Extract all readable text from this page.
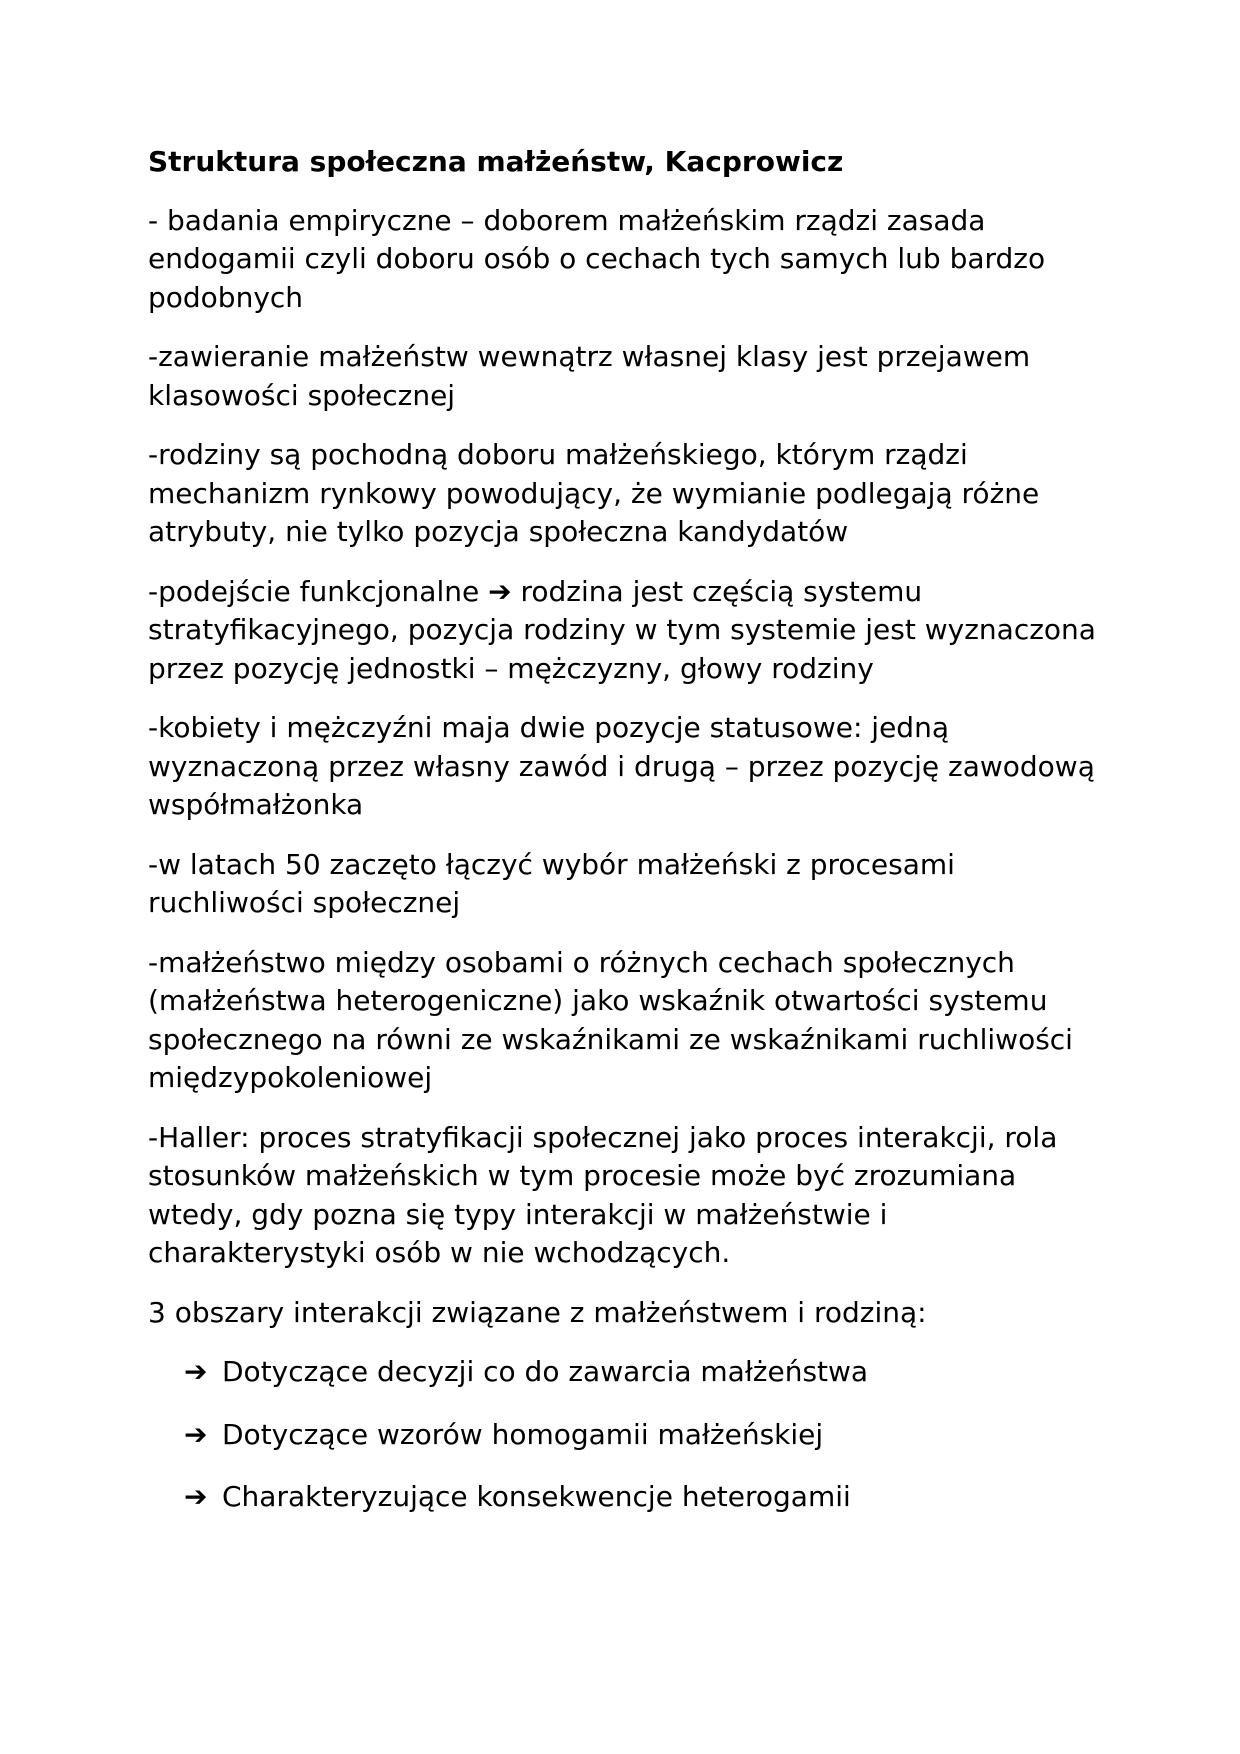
Struktura społeczna małżeństw, Kacprowicz

- badania empiryczne – doborem małżeńskim rządzi zasada endogamii czyli doboru osób o cechach tych samych lub bardzo podobnych

-zawieranie małżeństw wewnątrz własnej klasy jest przejawem klasowości społecznej

-rodziny są pochodną doboru małżeńskiego, którym rządzi mechanizm rynkowy powodujący, że wymianie podlegają różne atrybuty, nie tylko pozycja społeczna kandydatów

-podejście funkcjonalne ➔ rodzina jest częścią systemu stratyfikacyjnego, pozycja rodziny w tym systemie jest wyznaczona przez pozycję jednostki – mężczyzny, głowy rodziny

-kobiety i mężczyźni maja dwie pozycje statusowe: jedną wyznaczoną przez własny zawód i drugą – przez pozycję zawodową współmałżonka

-w latach 50 zaczęto łączyć wybór małżeński z procesami ruchliwości społecznej

-małżeństwo między osobami o różnych cechach społecznych (małżeństwa heterogeniczne) jako wskaźnik otwartości systemu społecznego na równi ze wskaźnikami ze wskaźnikami ruchliwości międzypokoleniowej

-Haller: proces stratyfikacji społecznej jako proces interakcji, rola stosunków małżeńskich w tym procesie może być zrozumiana wtedy, gdy pozna się typy interakcji w małżeństwie i charakterystyki osób w nie wchodzących.

3 obszary interakcji związane z małżeństwem i rodziną:

➔ Dotyczące decyzji co do zawarcia małżeństwa
➔ Dotyczące wzorów homogamii małżeńskiej
➔ Charakteryzujące konsekwencje heterogamii
